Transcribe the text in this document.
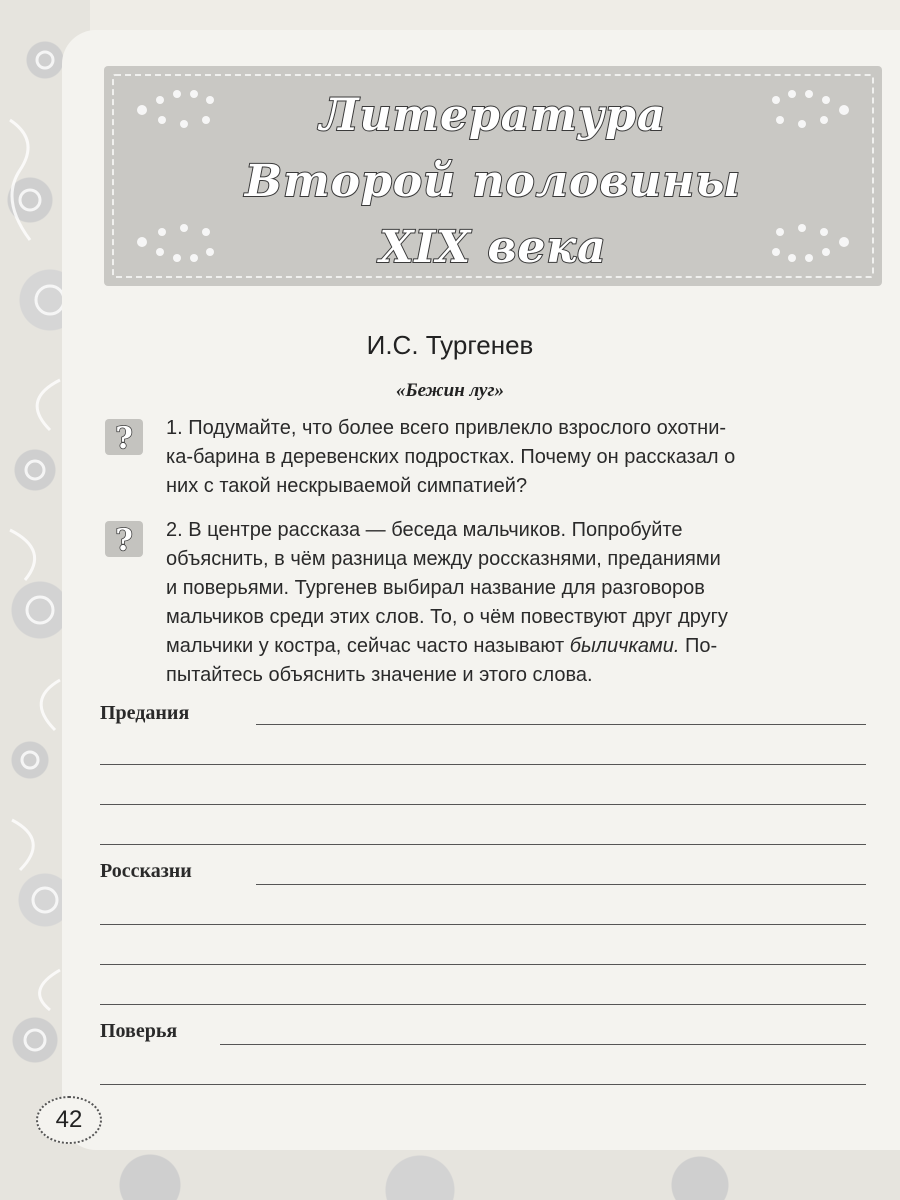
Литература
Второй половины
XIX века
И.С. Тургенев
«Бежин луг»
? 1. Подумайте, что более всего привлекло взрослого охотни-
ка-барина в деревенских подростках. Почему он рассказал о
них с такой нескрываемой симпатией?
? 2. В центре рассказа — беседа мальчиков. Попробуйте
объяснить, в чём разница между россказнями, преданиями
и поверьями. Тургенев выбирал название для разговоров
мальчиков среди этих слов. То, о чём повествуют друг другу
мальчики у костра, сейчас часто называют быличками. По-
пытайтесь объяснить значение и этого слова.
Предания
Россказни
Поверья
42
